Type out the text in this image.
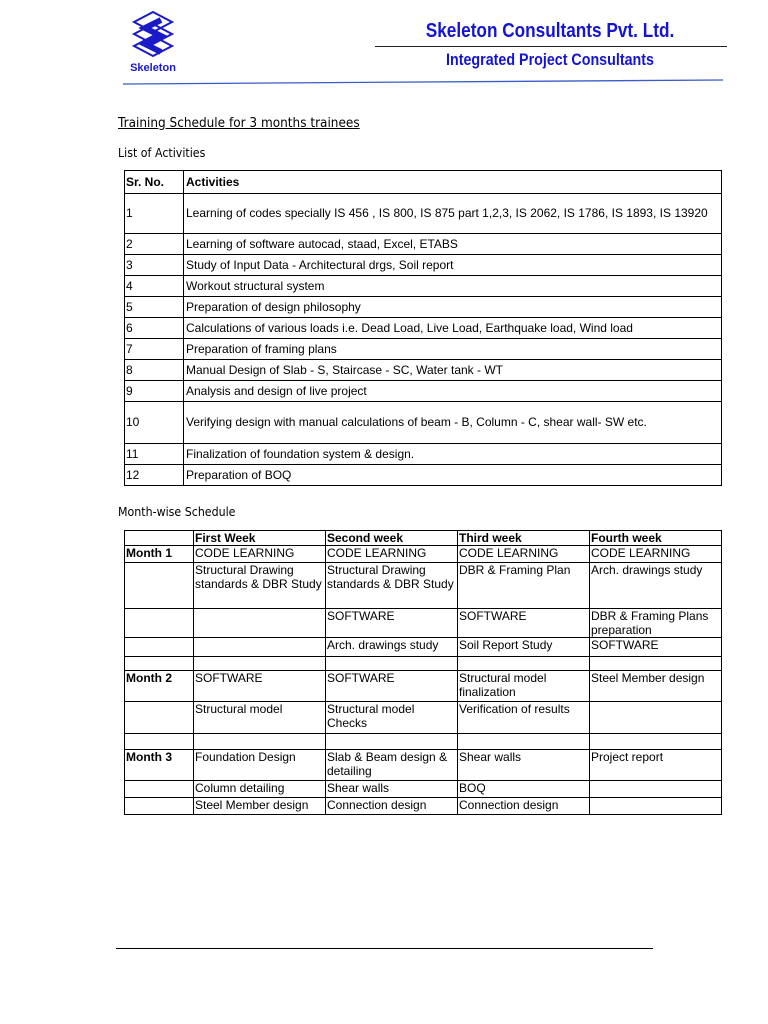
Skeleton
Skeleton Consultants Pvt. Ltd.
Integrated Project Consultants
Training Schedule for 3 months trainees
List of Activities
Sr. No.	Activities
1	Learning of codes specially IS 456 , IS 800, IS 875 part 1,2,3, IS 2062, IS 1786, IS 1893, IS 13920
2	Learning of software autocad, staad, Excel, ETABS
3	Study of Input Data - Architectural drgs, Soil report
4	Workout structural system
5	Preparation of design philosophy
6	Calculations of various loads i.e. Dead Load, Live Load, Earthquake load, Wind load
7	Preparation of framing plans
8	Manual Design of Slab - S, Staircase - SC, Water tank - WT
9	Analysis and design of live project
10	Verifying design with manual calculations of beam - B, Column - C, shear wall- SW etc.
11	Finalization of foundation system & design.
12	Preparation of BOQ
Month-wise Schedule
	First Week	Second week	Third week	Fourth week
Month 1	CODE LEARNING	CODE LEARNING	CODE LEARNING	CODE LEARNING
	Structural Drawing standards & DBR Study	Structural Drawing standards & DBR Study	DBR & Framing Plan	Arch. drawings study
		SOFTWARE	SOFTWARE	DBR & Framing Plans preparation
		Arch. drawings study	Soil Report Study	SOFTWARE

Month 2	SOFTWARE	SOFTWARE	Structural model finalization	Steel Member design
	Structural model	Structural model Checks	Verification of results	

Month 3	Foundation Design	Slab & Beam design & detailing	Shear walls	Project report
	Column detailing	Shear walls	BOQ	
	Steel Member design	Connection design	Connection design	
